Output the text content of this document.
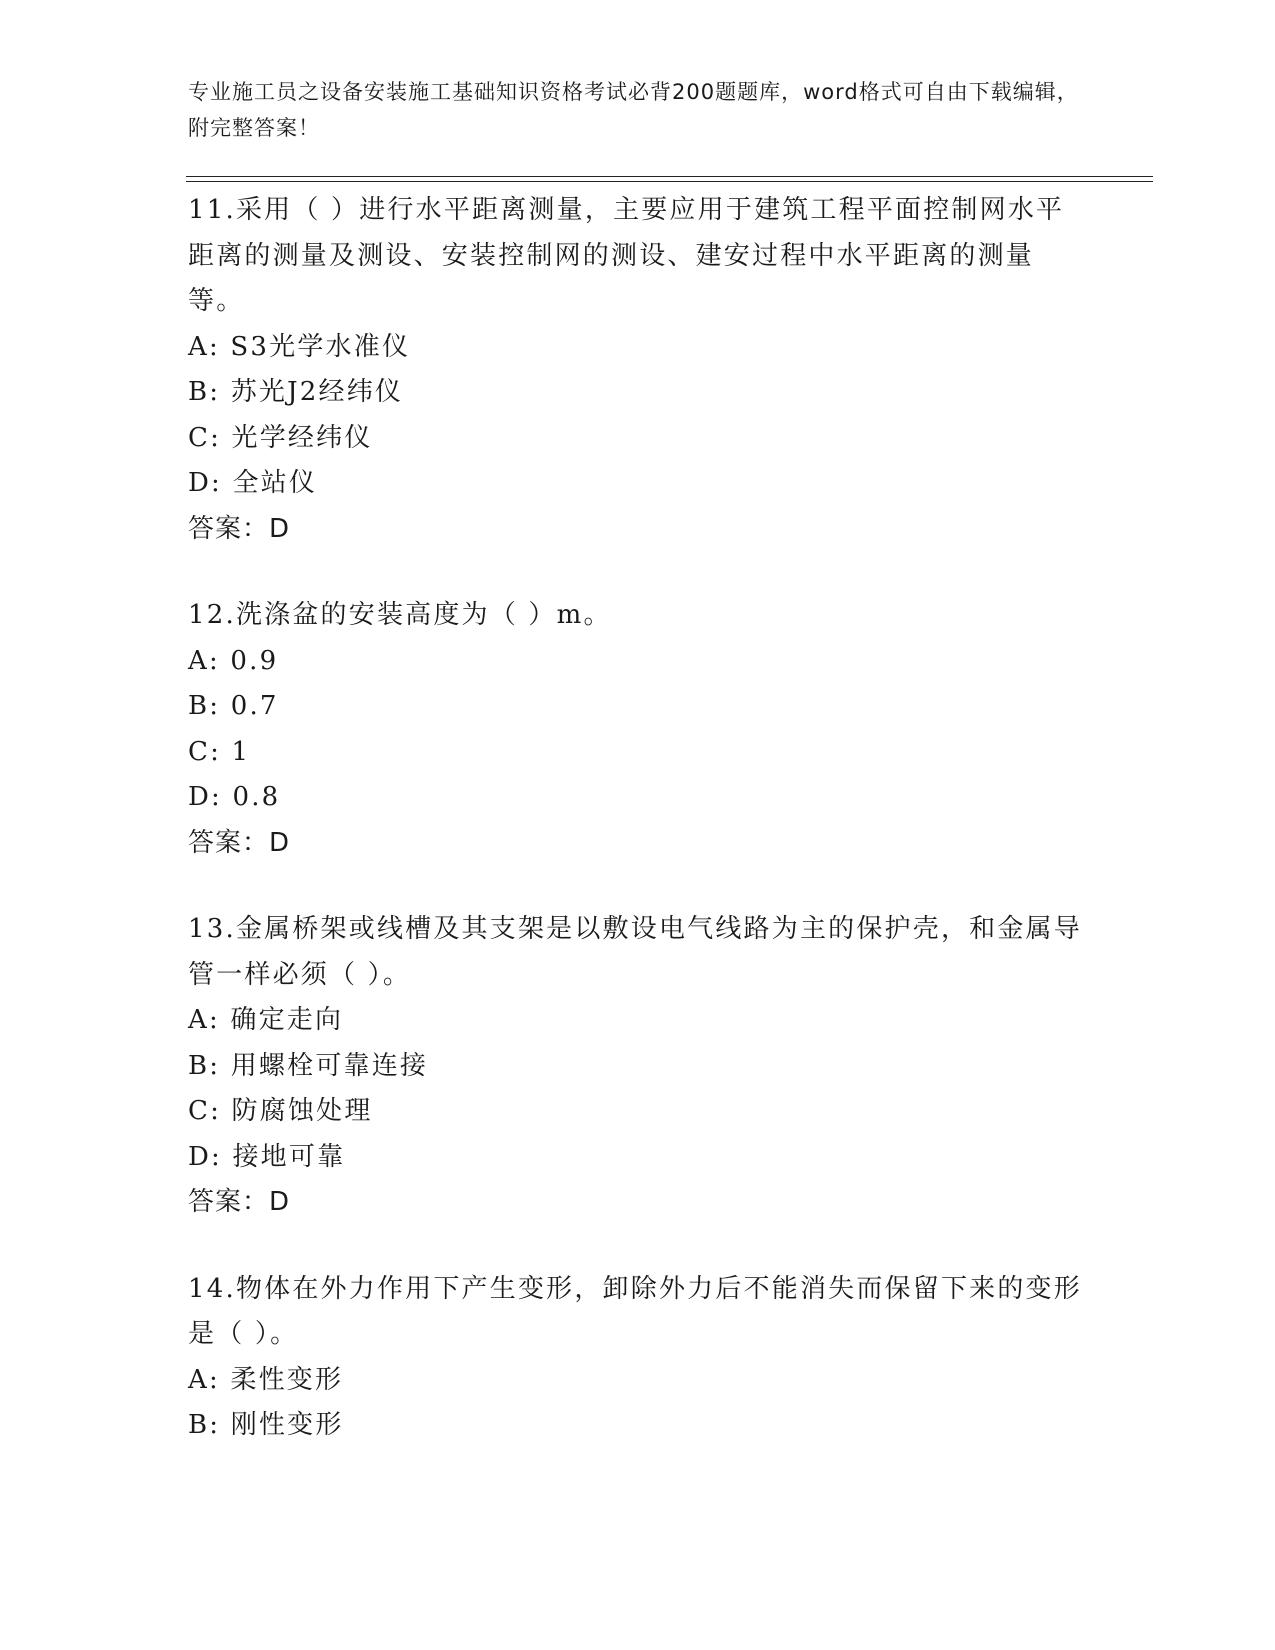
专业施工员之设备安装施工基础知识资格考试必背200题题库，word格式可自由下载编辑，附完整答案！

11.采用（ ）进行水平距离测量，主要应用于建筑工程平面控制网水平距离的测量及测设、安装控制网的测设、建安过程中水平距离的测量等。

A: S3光学水准仪

B: 苏光J2经纬仪

C: 光学经纬仪

D: 全站仪

答案：D

12.洗涤盆的安装高度为（ ）m。

A: 0.9

B: 0.7

C: 1

D: 0.8

答案：D

13.金属桥架或线槽及其支架是以敷设电气线路为主的保护壳，和金属导管一样必须（ ）。

A: 确定走向

B: 用螺栓可靠连接

C: 防腐蚀处理

D: 接地可靠

答案：D

14.物体在外力作用下产生变形，卸除外力后不能消失而保留下来的变形是（ ）。

A: 柔性变形

B: 刚性变形
